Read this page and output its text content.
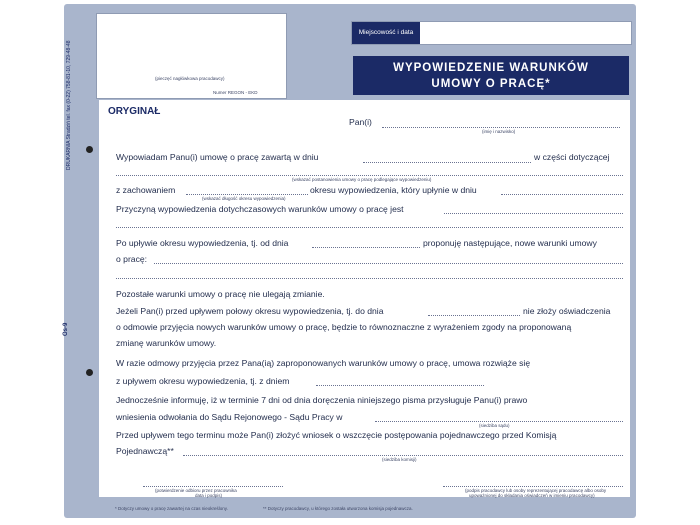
DRUKARNIA Stradziń tel. fax (0-22) 758-81-10, 729-48-48
Os-9
(pieczęć nagłówkowa pracodawcy)
Numer REGON - EKD
Miejscowość i data
WYPOWIEDZENIE WARUNKÓW
UMOWY O PRACĘ*
ORYGINAŁ
Pan(i)
(imię i nazwisko)
Wypowiadam Panu(i) umowę o pracę zawartą w dniu	w części dotyczącej
(wskazać postanowienia umowy o pracę podlegające wypowiedzeniu)
z zachowaniem
(wskazać długość okresu wypowiedzenia)
okresu wypowiedzenia, który upłynie w dniu
Przyczyną wypowiedzenia dotychczasowych warunków umowy o pracę jest
Po upływie okresu wypowiedzenia, tj. od dnia	proponuję następujące, nowe warunki umowy
o pracę:
Pozostałe warunki umowy o pracę nie ulegają zmianie.
Jeżeli Pan(i) przed upływem połowy okresu wypowiedzenia, tj. do dnia	nie złoży oświadczenia
o odmowie przyjęcia nowych warunków umowy o pracę, będzie to równoznaczne z wyrażeniem zgody na proponowaną
zmianę warunków umowy.
W razie odmowy przyjęcia przez Pana(ią) zaproponowanych warunków umowy o pracę, umowa rozwiąże się
z upływem okresu wypowiedzenia, tj. z dniem
Jednocześnie informuję, iż w terminie 7 dni od dnia doręczenia niniejszego pisma przysługuje Panu(i) prawo
wniesienia odwołania do Sądu Rejonowego - Sądu Pracy w
(siedziba sądu)
Przed upływem tego terminu może Pan(i) złożyć wniosek o wszczęcie postępowania pojednawczego przed Komisją
Pojednawczą**
(siedziba komisji)
(potwierdzenie odbioru przez pracownika
data i podpis)
(podpis pracodawcy lub osoby reprezentującej pracodawcę albo osoby
upoważnionej do składania oświadczeń w imieniu pracodawcy)
* Dotyczy umowy o pracę zawartej na czas nieokreślony.	** Dotyczy pracodawcy, u którego została utworzona komisja pojednawcza.
